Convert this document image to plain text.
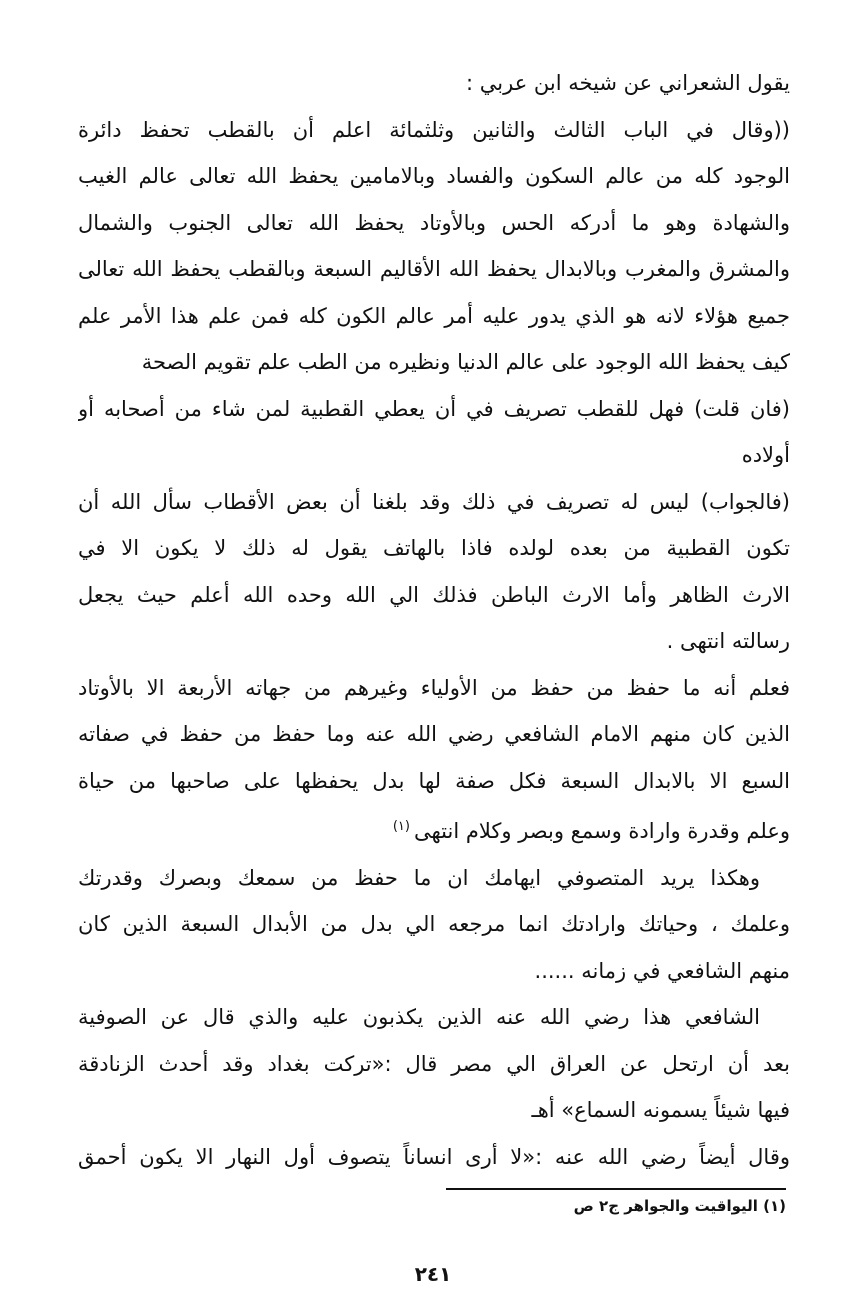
يقول الشعراني عن شيخه ابن عربي :
((وقال في الباب الثالث والثانين وثلثمائة اعلم أن بالقطب تحفظ دائرة
الوجود كله من عالم السكون والفساد وبالامامين يحفظ الله تعالى عالم الغيب
والشهادة وهو ما أدركه الحس وبالأوتاد يحفظ الله تعالى الجنوب والشمال
والمشرق والمغرب وبالابدال يحفظ الله الأقاليم السبعة وبالقطب يحفظ الله تعالى
جميع هؤلاء لانه هو الذي يدور عليه أمر عالم الكون كله فمن علم هذا الأمر علم
كيف يحفظ الله الوجود على عالم الدنيا ونظيره من الطب علم تقويم الصحة
(فان قلت) فهل للقطب تصريف في أن يعطي القطبية لمن شاء من أصحابه أو
أولاده
(فالجواب) ليس له تصريف في ذلك وقد بلغنا أن بعض الأقطاب سأل الله أن
تكون القطبية من بعده لولده فاذا بالهاتف يقول له ذلك لا يكون الا في
الارث الظاهر وأما الارث الباطن فذلك الي الله وحده الله أعلم حيث يجعل
رسالته انتهى .
فعلم أنه ما حفظ من حفظ من الأولياء وغيرهم من جهاته الأربعة الا بالأوتاد
الذين كان منهم الامام الشافعي رضي الله عنه وما حفظ من حفظ في صفاته
السبع الا بالابدال السبعة فكل صفة لها بدل يحفظها على صاحبها من حياة
وعلم وقدرة وارادة وسمع وبصر وكلام انتهى$^{(١)}$
وهكذا يريد المتصوفي ايهامك ان ما حفظ من سمعك وبصرك وقدرتك
وعلمك ، وحياتك وارادتك انما مرجعه الي بدل من الأبدال السبعة الذين كان
منهم الشافعي في زمانه ......
الشافعي هذا رضي الله عنه الذين يكذبون عليه والذي قال عن الصوفية
بعد أن ارتحل عن العراق الي مصر قال :«تركت بغداد وقد أحدث الزنادقة
فيها شيئاً يسمونه السماع» أهـ
وقال أيضاً رضي الله عنه :«لا أرى انساناً يتصوف أول النهار الا يكون أحمق
(١) اليواقيت والجواهر ج٢ ص
٢٤١
